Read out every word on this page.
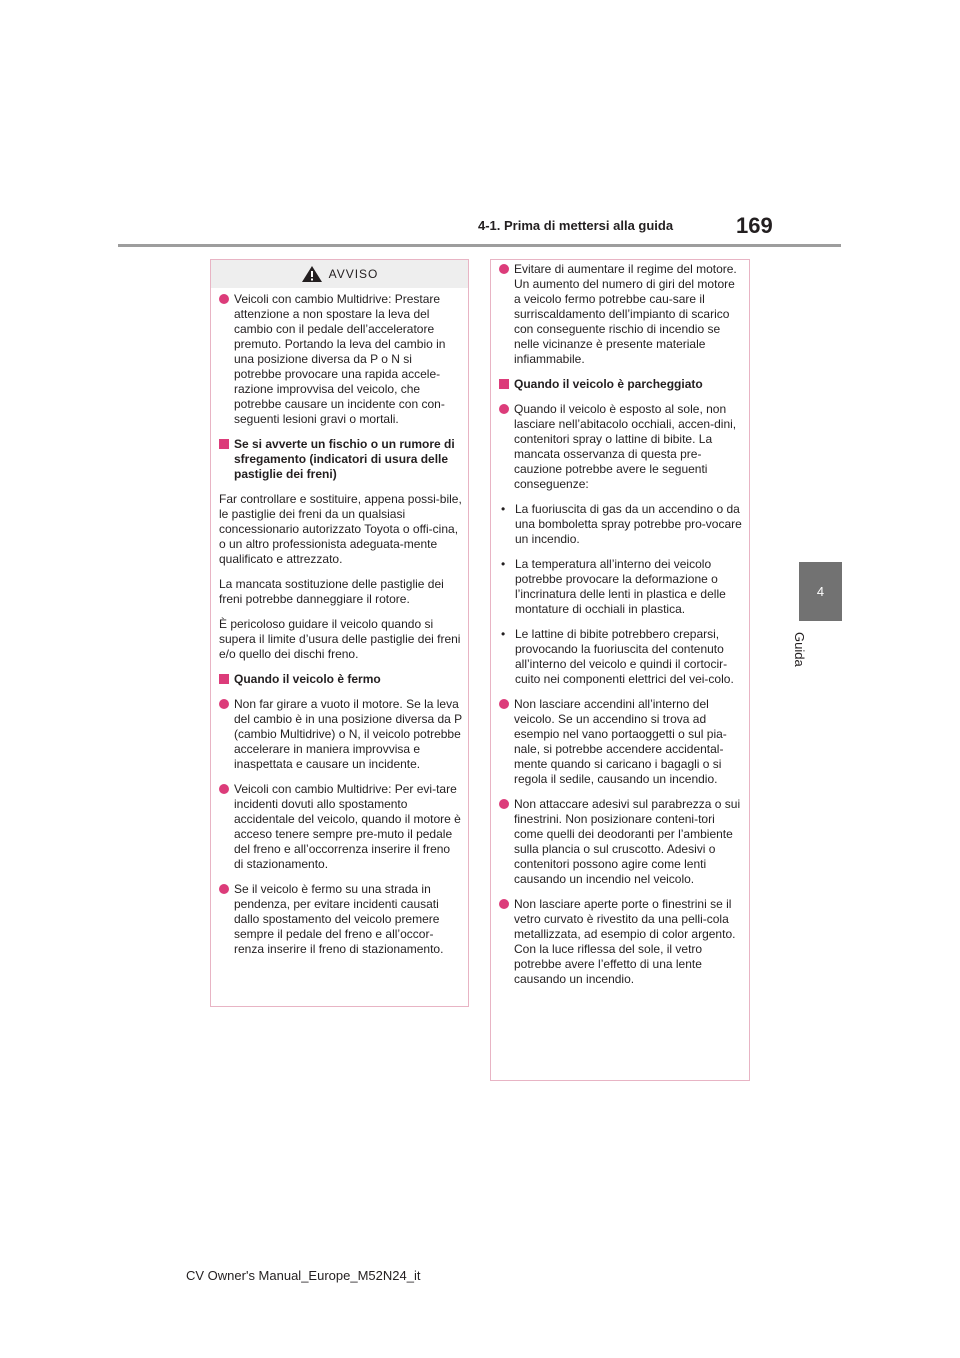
4-1. Prima di mettersi alla guida	169
4
Guida
AVVISO
Veicoli con cambio Multidrive: Prestare attenzione a non spostare la leva del cambio con il pedale dell’acceleratore premuto. Portando la leva del cambio in una posizione diversa da P o N si potrebbe provocare una rapida accele-razione improvvisa del veicolo, che potrebbe causare un incidente con con-seguenti lesioni gravi o mortali.
Se si avverte un fischio o un rumore di sfregamento (indicatori di usura delle pastiglie dei freni)

Far controllare e sostituire, appena possi-bile, le pastiglie dei freni da un qualsiasi concessionario autorizzato Toyota o offi-cina, o un altro professionista adeguata-mente qualificato e attrezzato.

La mancata sostituzione delle pastiglie dei freni potrebbe danneggiare il rotore.

È pericoloso guidare il veicolo quando si supera il limite d’usura delle pastiglie dei freni e/o quello dei dischi freno.

Quando il veicolo è fermo
Non far girare a vuoto il motore. Se la leva del cambio è in una posizione diversa da P (cambio Multidrive) o N, il veicolo potrebbe accelerare in maniera improvvisa e inaspettata e causare un incidente.
Veicoli con cambio Multidrive: Per evi-tare incidenti dovuti allo spostamento accidentale del veicolo, quando il motore è acceso tenere sempre pre-muto il pedale del freno e all’occorrenza inserire il freno di stazionamento.
Se il veicolo è fermo su una strada in pendenza, per evitare incidenti causati dallo spostamento del veicolo premere sempre il pedale del freno e all’occor-renza inserire il freno di stazionamento.
Evitare di aumentare il regime del motore. Un aumento del numero di giri del motore a veicolo fermo potrebbe cau-sare il surriscaldamento dell’impianto di scarico con conseguente rischio di incendio se nelle vicinanze è presente materiale infiammabile.
Quando il veicolo è parcheggiato
Quando il veicolo è esposto al sole, non lasciare nell’abitacolo occhiali, accen-dini, contenitori spray o lattine di bibite. La mancata osservanza di questa pre-cauzione potrebbe avere le seguenti conseguenze:
• La fuoriuscita di gas da un accendino o da una bomboletta spray potrebbe pro-vocare un incendio.
• La temperatura all’interno dei veicolo potrebbe provocare la deformazione o l’incrinatura delle lenti in plastica e delle montature di occhiali in plastica.
• Le lattine di bibite potrebbero creparsi, provocando la fuoriuscita del contenuto all’interno del veicolo e quindi il cortocir-cuito nei componenti elettrici del vei-colo.
Non lasciare accendini all’interno del veicolo. Se un accendino si trova ad esempio nel vano portaoggetti o sul pia-nale, si potrebbe accendere accidental-mente quando si caricano i bagagli o si regola il sedile, causando un incendio.
Non attaccare adesivi sul parabrezza o sui finestrini. Non posizionare conteni-tori come quelli dei deodoranti per l’ambiente sulla plancia o sul cruscotto. Adesivi o contenitori possono agire come lenti causando un incendio nel veicolo.
Non lasciare aperte porte o finestrini se il vetro curvato è rivestito da una pelli-cola metallizzata, ad esempio di color argento. Con la luce riflessa del sole, il vetro potrebbe avere l’effetto di una lente causando un incendio.
CV Owner's Manual_Europe_M52N24_it
